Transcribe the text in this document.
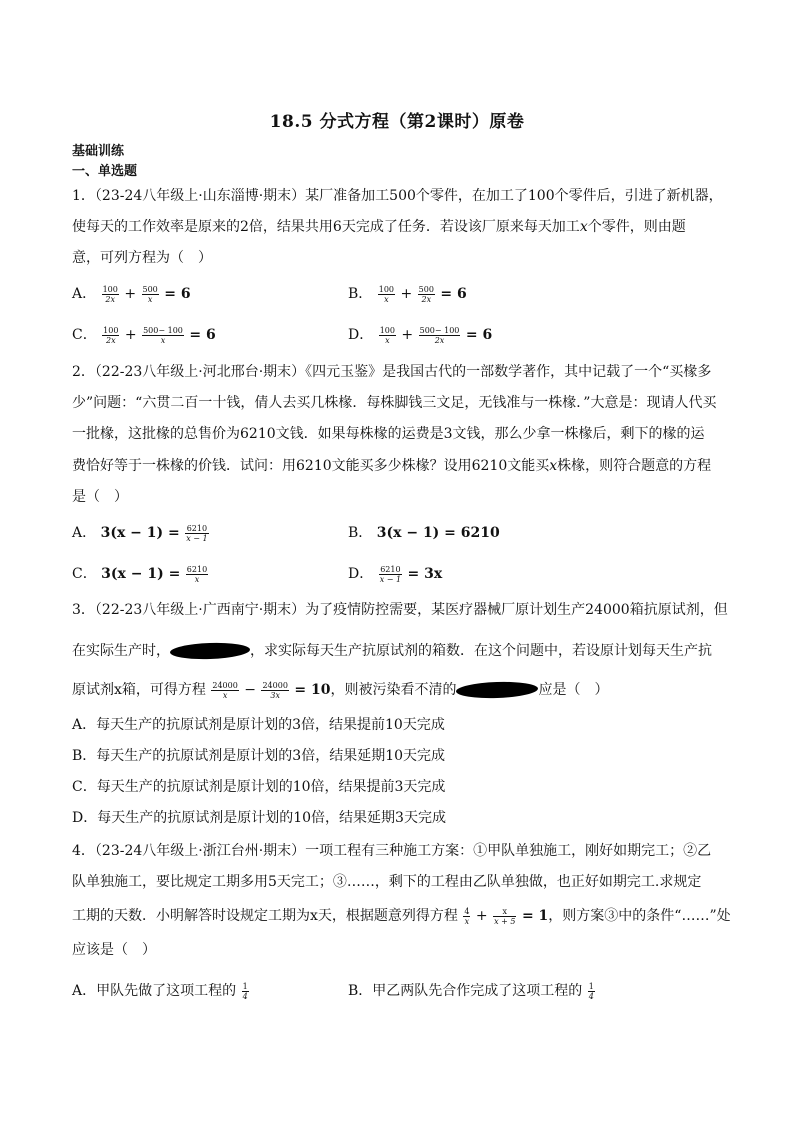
18.5 分式方程（第2课时）原卷
基础训练
一、单选题
1．（23-24八年级上·山东淄博·期末）某厂准备加工500个零件，在加工了100个零件后，引进了新机器，
使每天的工作效率是原来的2倍，结果共用6天完成了任务．若设该厂原来每天加工x个零件，则由题
意，可列方程为（　）
A． $\frac{100}{2x} + \frac{500}{x} = 6$	B． $\frac{100}{x} + \frac{500}{2x} = 6$
C． $\frac{100}{2x} + \frac{500- 100}{x} = 6$	D． $\frac{100}{x} + \frac{500- 100}{2x} = 6$
2．（22-23八年级上·河北邢台·期末）《四元玉鉴》是我国古代的一部数学著作，其中记载了一个“买椽多
少”问题：“六贯二百一十钱，倩人去买几株椽．每株脚钱三文足，无钱准与一株椽．”大意是：现请人代买
一批椽，这批椽的总售价为6210文钱．如果每株椽的运费是3文钱，那么少拿一株椽后，剩下的椽的运
费恰好等于一株椽的价钱．试问：用6210文能买多少株椽？设用6210文能买x株椽，则符合题意的方程
是（　）
A． $3(x - 1) = \frac{6210}{x - 1}$	B． 3(x − 1) = 6210
C． $3(x - 1) = \frac{6210}{x}$	D． $\frac{6210}{x - 1} = 3x$
3．（22-23八年级上·广西南宁·期末）为了疫情防控需要，某医疗器械厂原计划生产24000箱抗原试剂，但
在实际生产时，	，求实际每天生产抗原试剂的箱数．在这个问题中，若设原计划每天生产抗
原试剂x箱，可得方程 $\frac{24000}{x} - \frac{24000}{3x} = 10$，则被污染看不清的	应是（　）
A．每天生产的抗原试剂是原计划的3倍，结果提前10天完成
B．每天生产的抗原试剂是原计划的3倍，结果延期10天完成
C．每天生产的抗原试剂是原计划的10倍，结果提前3天完成
D．每天生产的抗原试剂是原计划的10倍，结果延期3天完成
4．（23-24八年级上·浙江台州·期末）一项工程有三种施工方案：①甲队单独施工，刚好如期完工；②乙
队单独施工，要比规定工期多用5天完工；③……，剩下的工程由乙队单独做，也正好如期完工.求规定
工期的天数．小明解答时设规定工期为x天，根据题意列得方程 $\frac{4}{x} + \frac{x}{x + 5} = 1$，则方案③中的条件“……”处
应该是（　）
A．甲队先做了这项工程的 $\frac{1}{4}$	B．甲乙两队先合作完成了这项工程的 $\frac{1}{4}$
